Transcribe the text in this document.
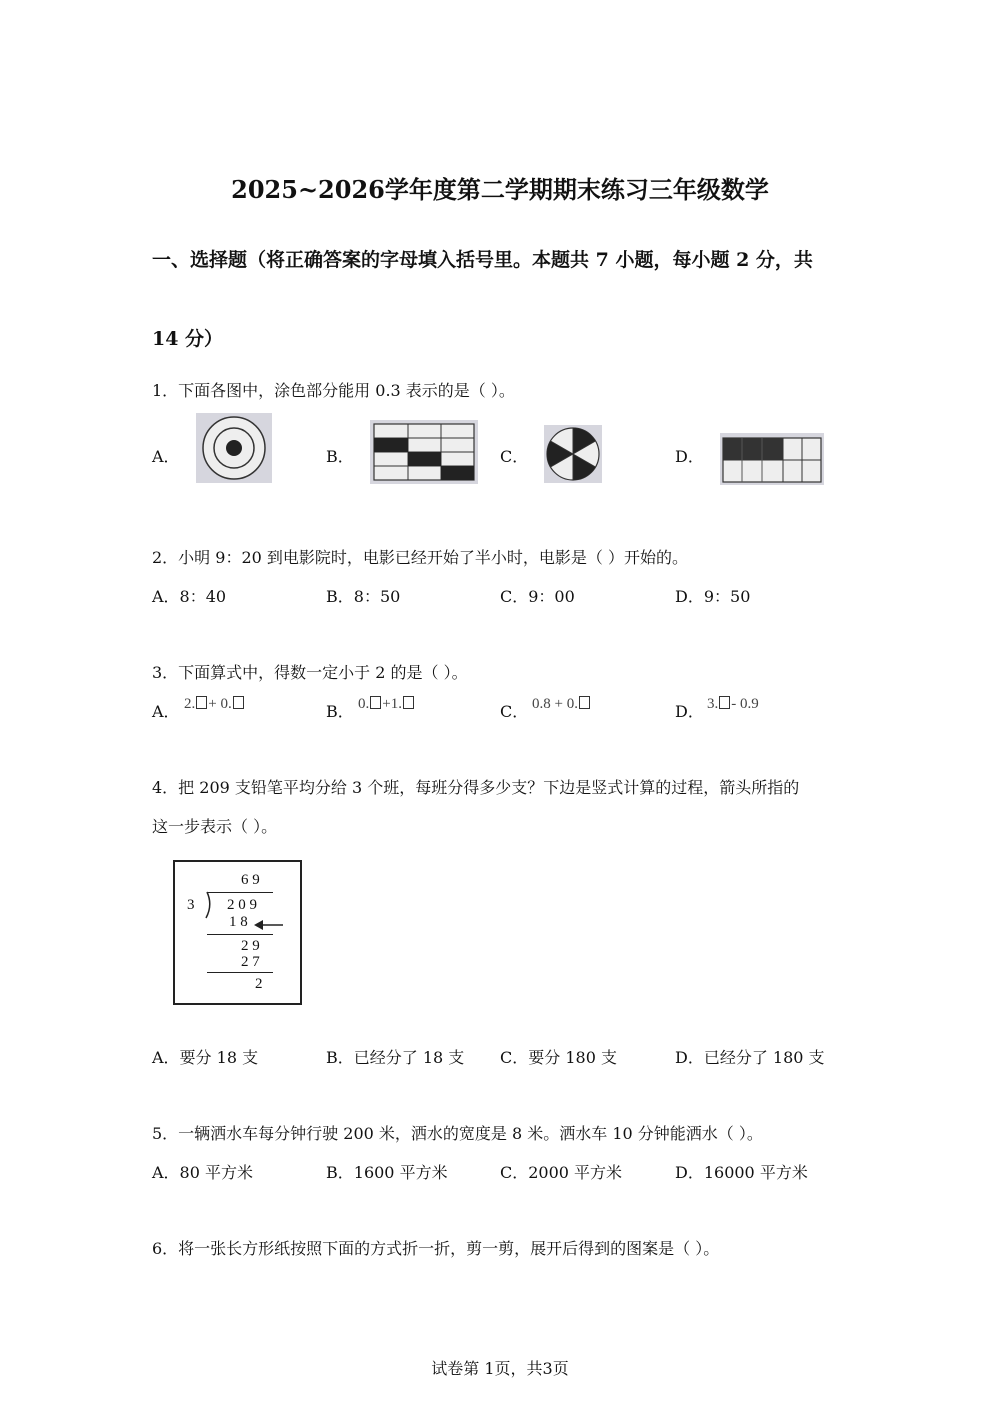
2025~2026学年度第二学期期末练习三年级数学
一、选择题（将正确答案的字母填入括号里。本题共 7 小题，每小题 2 分，共
14 分）
1．下面各图中，涂色部分能用 0.3 表示的是（ ）。
A．	B．	C．	D．
2．小明 9：20 到电影院时，电影已经开始了半小时，电影是（ ）开始的。
A．8：40	B．8：50	C．9：00	D．9：50
3．下面算式中，得数一定小于 2 的是（ ）。
A． 2. + 0.	B． 0. +1.	C． 0.8 + 0.	D． 3. - 0.9
4．把 209 支铅笔平均分给 3 个班，每班分得多少支？下边是竖式计算的过程，箭头所指的
这一步表示（ ）。
6 9
3 2 0 9
1 8
2 9
2 7
2
A．要分 18 支	B．已经分了 18 支 C．要分 180 支	D．已经分了 180 支
5．一辆洒水车每分钟行驶 200 米，洒水的宽度是 8 米。洒水车 10 分钟能洒水（ ）。
A．80 平方米	B．1600 平方米	C．2000 平方米	D．16000 平方米
6．将一张长方形纸按照下面的方式折一折，剪一剪，展开后得到的图案是（ ）。
试卷第 1页，共3页
